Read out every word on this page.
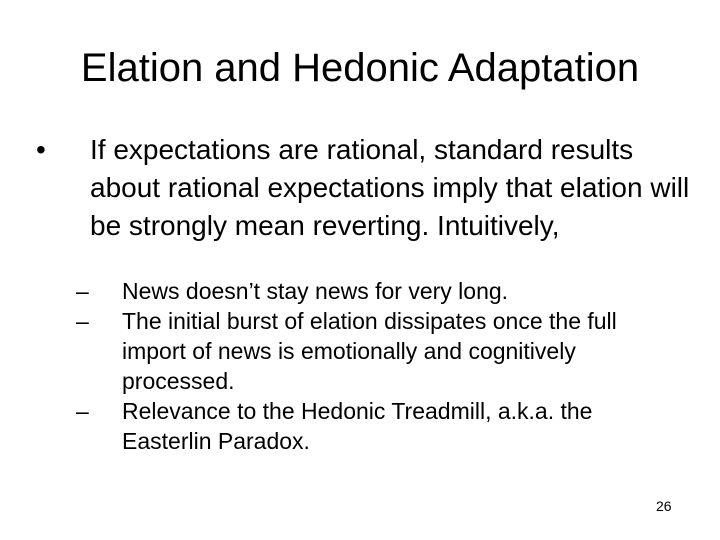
Elation and Hedonic Adaptation
• If expectations are rational, standard results about rational expectations imply that elation will be strongly mean reverting. Intuitively,
– News doesn’t stay news for very long.
– The initial burst of elation dissipates once the full import of news is emotionally and cognitively processed.
– Relevance to the Hedonic Treadmill, a.k.a. the Easterlin Paradox.
26
